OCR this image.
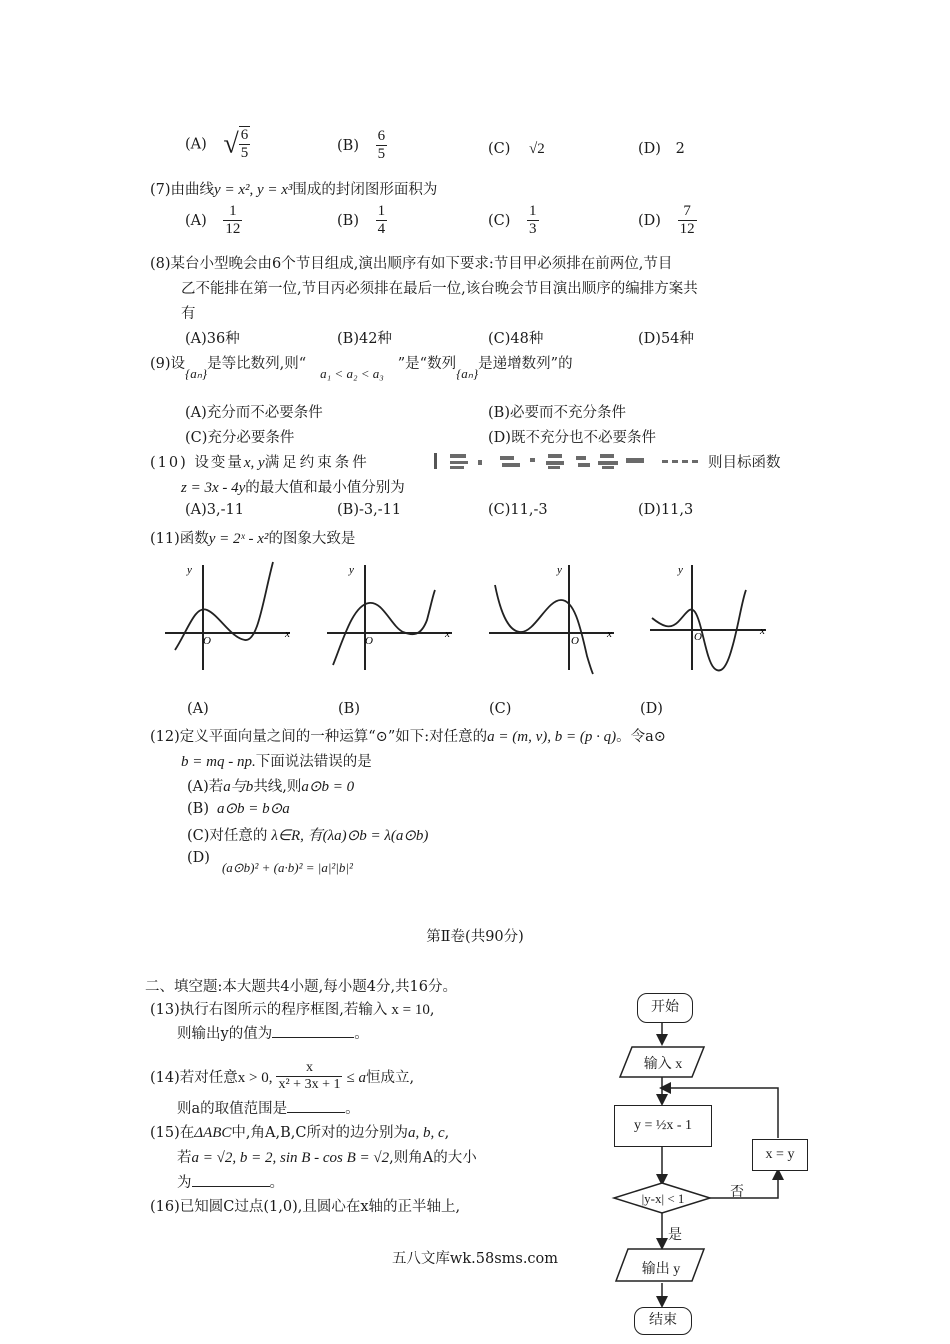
(A) √ $\frac{6}{5}$	$(B) \frac{6}{5}$	(C) √2	(D) 2
(7)由曲线y = x², y = x³围成的封闭图形面积为
$(A) \frac{1}{12}$	$(B) \frac{1}{4}$	$(C) \frac{1}{3}$	$(D) \frac{7}{12}$
(8)某台小型晚会由6个节目组成,演出顺序有如下要求:节目甲必须排在前两位,节目
乙不能排在第一位,节目丙必须排在最后一位,该台晚会节目演出顺序的编排方案共
有
(A)36种	(B)42种	(C)48种	(D)54种
(9)设{aₙ}是等比数列,则“a₁ < a₂ < a₃”是“数列{aₙ}是递增数列”的
(A)充分而不必要条件	(B)必要而不充分条件
(C)充分必要条件	(D)既不充分也不必要条件
(10) 设变量x, y满足约束条件	则目标函数
z = 3x - 4y的最大值和最小值分别为
(A)3,-11	(B)-3,-11	(C)11,-3	(D)11,3
(11)函数y = 2ˣ - x²的图象大致是
y
x
O
y
x
O
y
x
O
y
x
O
(A)	(B)	(C)	(D)
(12)定义平面向量之间的一种运算“⊙”如下:对任意的a = (m, v), b = (p · q)。令a⊙
b = mq - np.下面说法错误的是
(A)若a与b共线,则a⊙b = 0
(B) a⊙b = b⊙a
(C)对任意的 λ∈R, 有(λa)⊙b = λ(a⊙b)
(D)(a⊙b)² + (a·b)² = |a|²|b|²
第Ⅱ卷(共90分)
二、填空题:本大题共4小题,每小题4分,共16分。
(13)执行右图所示的程序框图,若输入 x = 10,
则输出y的值为	。
(14)若对任意x > 0, $\frac{x}{\text{x² + 3x + 1}} \le a$恒成立,
则a的取值范围是	。
(15)在ΔABC中,角A,B,C所对的边分别为a, b, c,
若a = √2, b = 2, sin B - cos B = √2,则角A的大小
为	。
(16)已知圆C过点(1,0),且圆心在x轴的正半轴上,
五八文库wk.58sms.com
开始
输入 x
y = ½x - 1
|y-x| < 1
x = y
否
是
输出 y
结束
